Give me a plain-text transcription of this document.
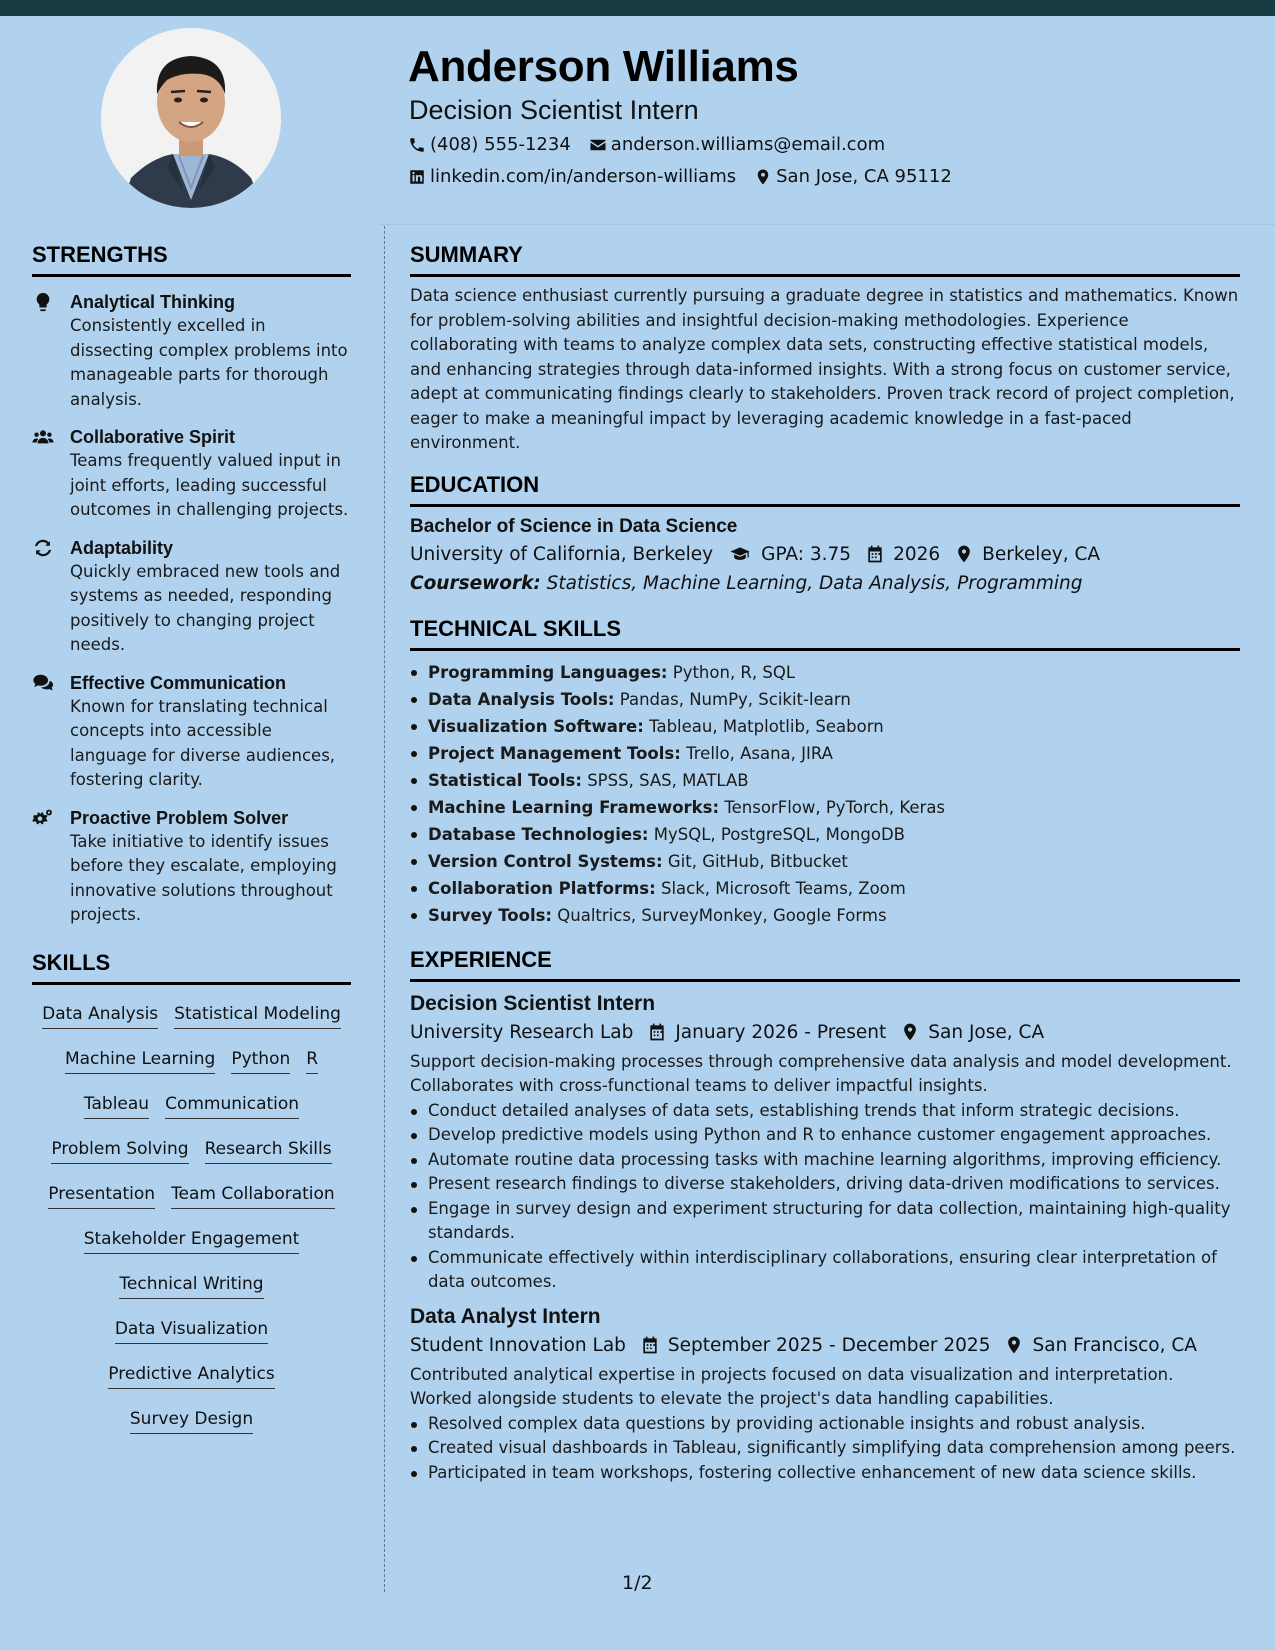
Anderson Williams
Decision Scientist Intern
(408) 555-1234 anderson.williams@email.com
linkedin.com/in/anderson-williams San Jose, CA 95112
STRENGTHS
Analytical Thinking
Consistently excelled in dissecting complex problems into manageable parts for thorough analysis.
Collaborative Spirit
Teams frequently valued input in joint efforts, leading successful outcomes in challenging projects.
Adaptability
Quickly embraced new tools and systems as needed, responding positively to changing project needs.
Effective Communication
Known for translating technical concepts into accessible language for diverse audiences, fostering clarity.
Proactive Problem Solver
Take initiative to identify issues before they escalate, employing innovative solutions throughout projects.
SKILLS
Data Analysis Statistical Modeling
Machine Learning Python R
Tableau Communication
Problem Solving Research Skills
Presentation Team Collaboration
Stakeholder Engagement
Technical Writing
Data Visualization
Predictive Analytics
Survey Design
SUMMARY
Data science enthusiast currently pursuing a graduate degree in statistics and mathematics. Known for problem-solving abilities and insightful decision-making methodologies. Experience collaborating with teams to analyze complex data sets, constructing effective statistical models, and enhancing strategies through data-informed insights. With a strong focus on customer service, adept at communicating findings clearly to stakeholders. Proven track record of project completion, eager to make a meaningful impact by leveraging academic knowledge in a fast-paced environment.
EDUCATION
Bachelor of Science in Data Science
University of California, Berkeley	GPA: 3.75 2026 Berkeley, CA
Coursework: Statistics, Machine Learning, Data Analysis, Programming
TECHNICAL SKILLS
Programming Languages: Python, R, SQL
Data Analysis Tools: Pandas, NumPy, Scikit-learn
Visualization Software: Tableau, Matplotlib, Seaborn
Project Management Tools: Trello, Asana, JIRA
Statistical Tools: SPSS, SAS, MATLAB
Machine Learning Frameworks: TensorFlow, PyTorch, Keras
Database Technologies: MySQL, PostgreSQL, MongoDB
Version Control Systems: Git, GitHub, Bitbucket
Collaboration Platforms: Slack, Microsoft Teams, Zoom
Survey Tools: Qualtrics, SurveyMonkey, Google Forms
EXPERIENCE
Decision Scientist Intern
University Research Lab January 2026 - Present San Jose, CA
Support decision-making processes through comprehensive data analysis and model development. Collaborates with cross-functional teams to deliver impactful insights.
Conduct detailed analyses of data sets, establishing trends that inform strategic decisions.
Develop predictive models using Python and R to enhance customer engagement approaches.
Automate routine data processing tasks with machine learning algorithms, improving efficiency.
Present research findings to diverse stakeholders, driving data-driven modifications to services.
Engage in survey design and experiment structuring for data collection, maintaining high-quality standards.
Communicate effectively within interdisciplinary collaborations, ensuring clear interpretation of data outcomes.
Data Analyst Intern
Student Innovation Lab September 2025 - December 2025 San Francisco, CA
Contributed analytical expertise in projects focused on data visualization and interpretation. Worked alongside students to elevate the project's data handling capabilities.
Resolved complex data questions by providing actionable insights and robust analysis.
Created visual dashboards in Tableau, significantly simplifying data comprehension among peers.
Participated in team workshops, fostering collective enhancement of new data science skills.
1/2
